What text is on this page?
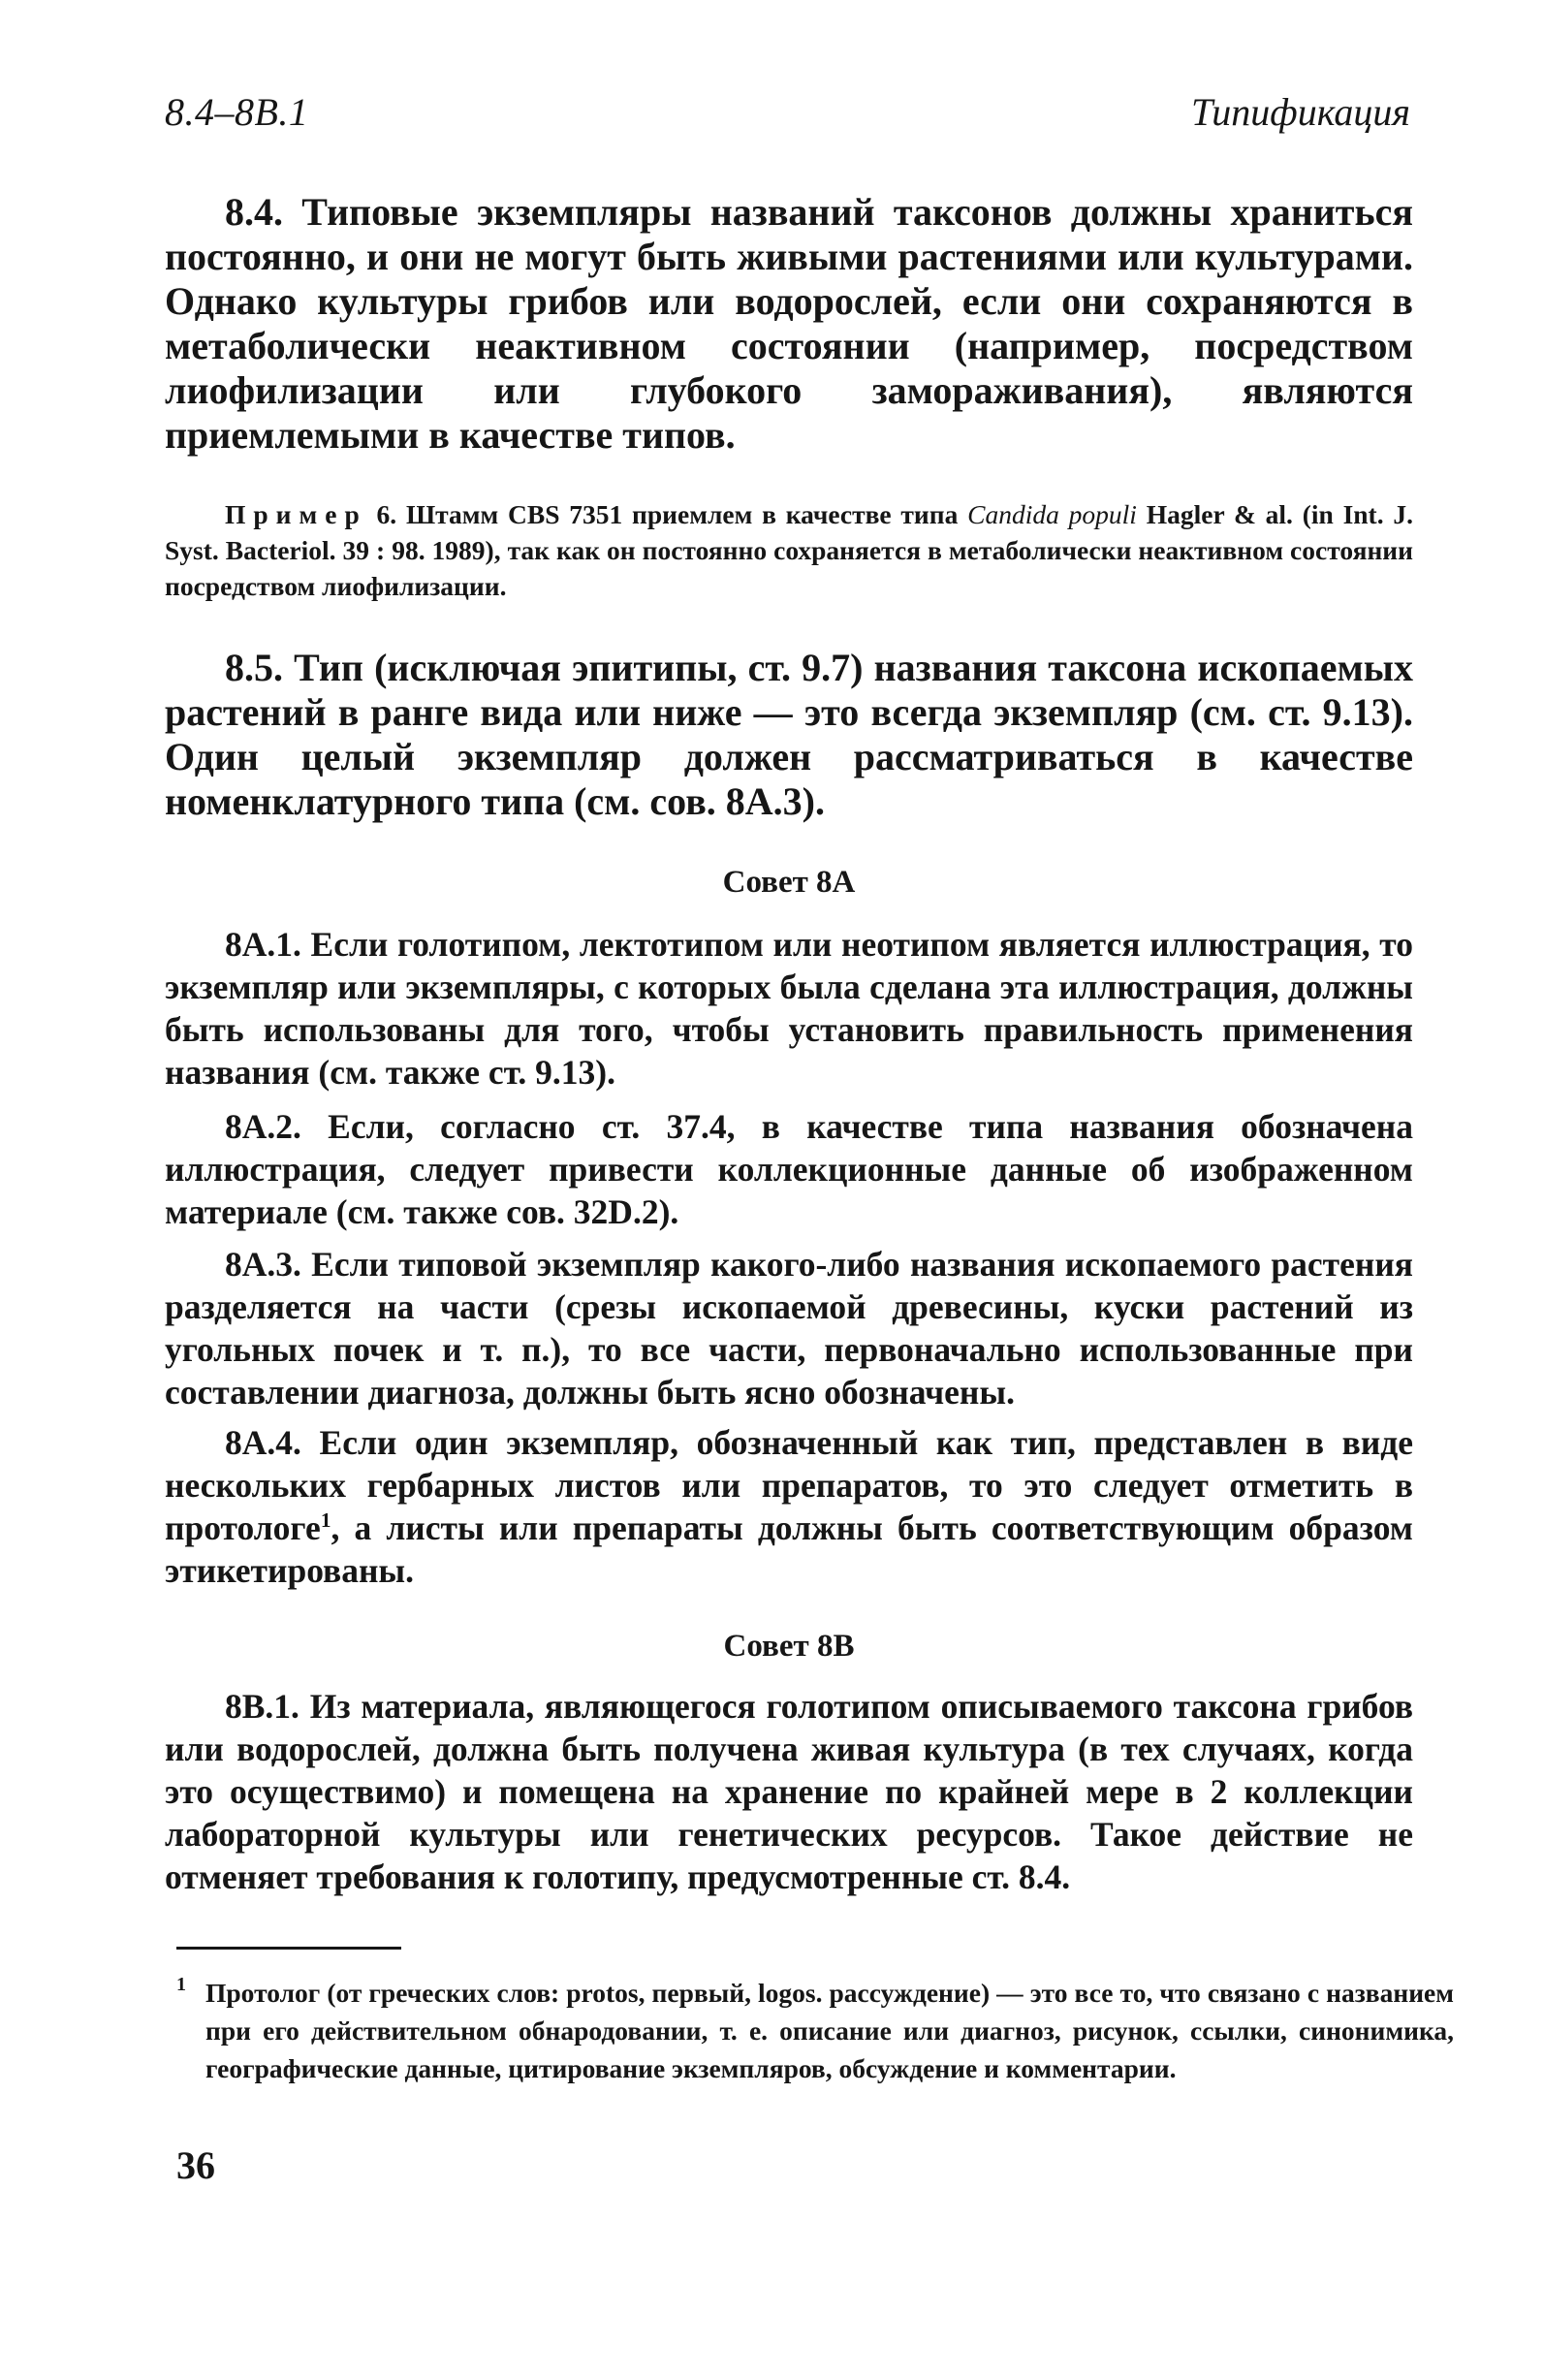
8.4–8В.1	Типификация

8.4. Типовые экземпляры названий таксонов должны храниться постоянно, и они не могут быть живыми растениями или культурами. Однако культуры грибов или водорослей, если они сохраняются в метаболически неактивном состоянии (например, посредством лиофилизации или глубокого замораживания), являются приемлемыми в качестве типов.

Пример 6. Штамм CBS 7351 приемлем в качестве типа Candida populi Hagler & al. (in Int. J. Syst. Bacteriol. 39 : 98. 1989), так как он постоянно сохраняется в метаболически неактивном состоянии посредством лиофилизации.

8.5. Тип (исключая эпитипы, ст. 9.7) названия таксона ископаемых растений в ранге вида или ниже — это всегда экземпляр (см. ст. 9.13). Один целый экземпляр должен рассматриваться в качестве номенклатурного типа (см. сов. 8А.3).

Совет 8А

8А.1. Если голотипом, лектотипом или неотипом является иллюстрация, то экземпляр или экземпляры, с которых была сделана эта иллюстрация, должны быть использованы для того, чтобы установить правильность применения названия (см. также ст. 9.13).

8А.2. Если, согласно ст. 37.4, в качестве типа названия обозначена иллюстрация, следует привести коллекционные данные об изображенном материале (см. также сов. 32D.2).

8А.3. Если типовой экземпляр какого-либо названия ископаемого растения разделяется на части (срезы ископаемой древесины, куски растений из угольных почек и т. п.), то все части, первоначально использованные при составлении диагноза, должны быть ясно обозначены.

8А.4. Если один экземпляр, обозначенный как тип, представлен в виде нескольких гербарных листов или препаратов, то это следует отметить в протологе$^1$, а листы или препараты должны быть соответствующим образом этикетированы.

Совет 8В

8В.1. Из материала, являющегося голотипом описываемого таксона грибов или водорослей, должна быть получена живая культура (в тех случаях, когда это осуществимо) и помещена на хранение по крайней мере в 2 коллекции лабораторной культуры или генетических ресурсов. Такое действие не отменяет требования к голотипу, предусмотренные ст. 8.4.

1 Протолог (от греческих слов: protos, первый, logos. рассуждение) — это все то, что связано с названием при его действительном обнародовании, т. е. описание или диагноз, рисунок, ссылки, синонимика, географические данные, цитирование экземпляров, обсуждение и комментарии.

36
